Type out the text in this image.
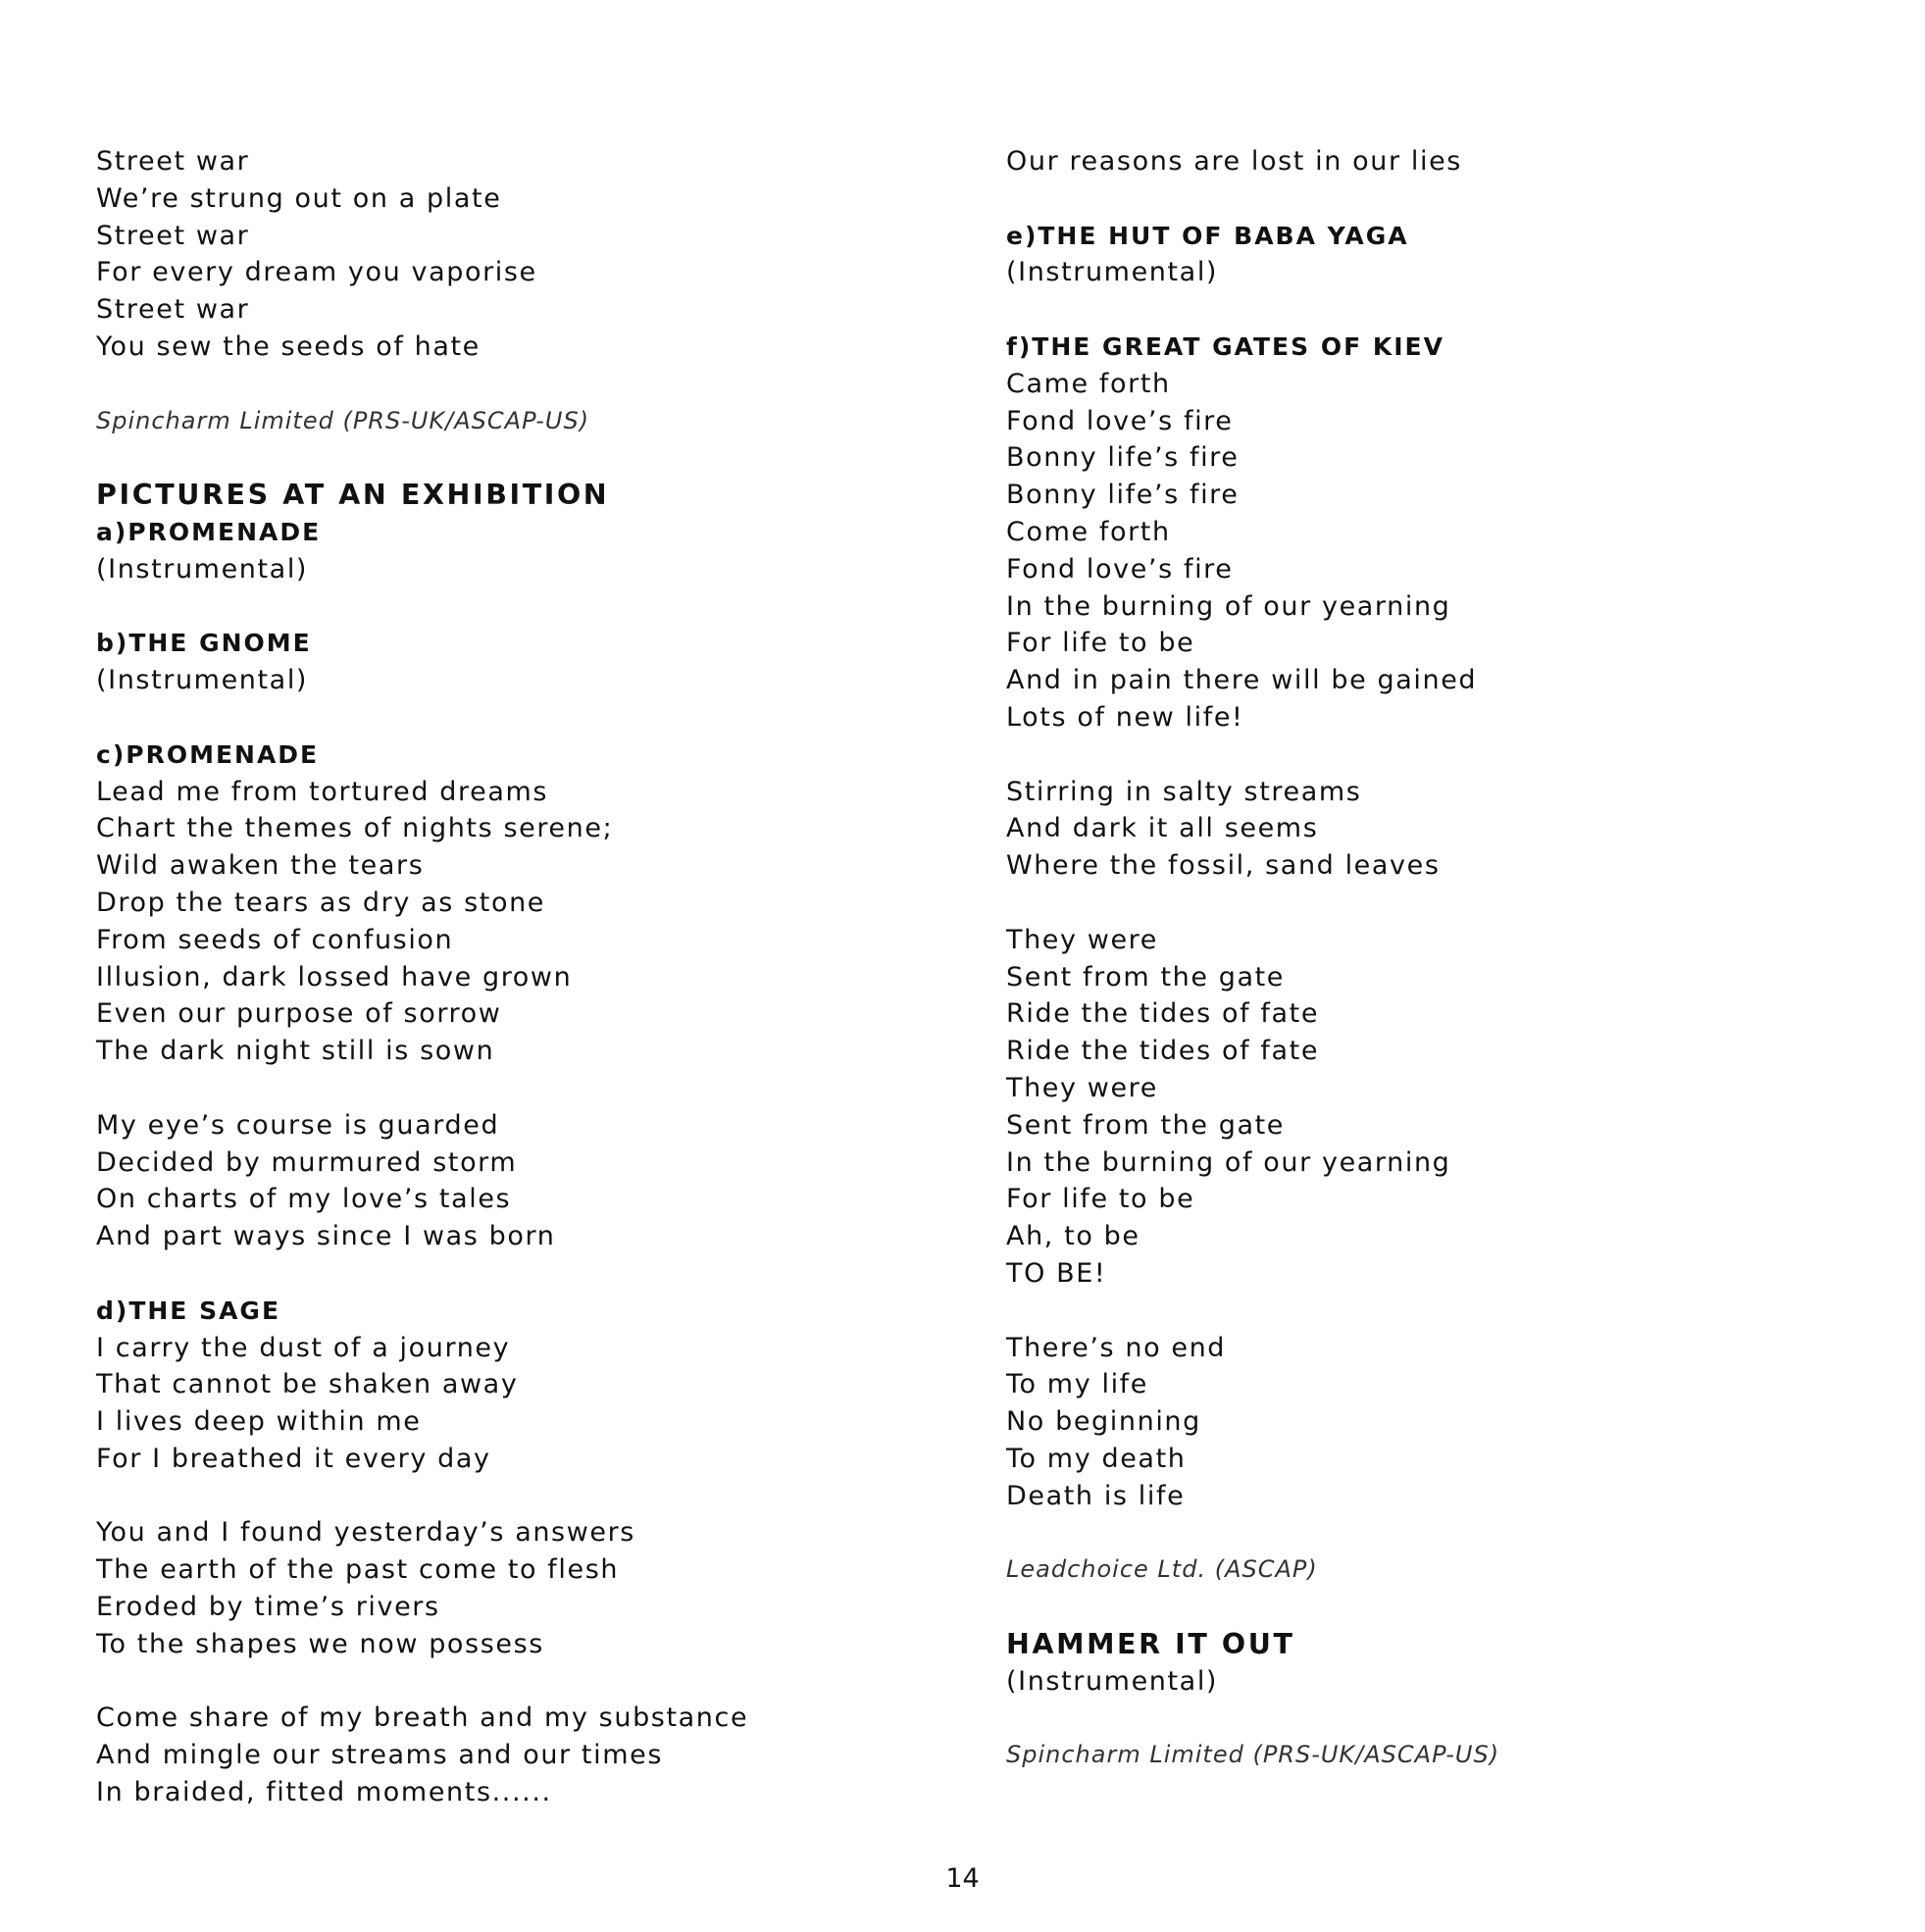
Street war
We’re strung out on a plate
Street war
For every dream you vaporise
Street war
You sew the seeds of hate
Spincharm Limited (PRS-UK/ASCAP-US)
PICTURES AT AN EXHIBITION
a)PROMENADE
(Instrumental)
b)THE GNOME
(Instrumental)
c)PROMENADE
Lead me from tortured dreams
Chart the themes of nights serene;
Wild awaken the tears
Drop the tears as dry as stone
From seeds of confusion
Illusion, dark lossed have grown
Even our purpose of sorrow
The dark night still is sown
My eye’s course is guarded
Decided by murmured storm
On charts of my love’s tales
And part ways since I was born
d)THE SAGE
I carry the dust of a journey
That cannot be shaken away
I lives deep within me
For I breathed it every day
You and I found yesterday’s answers
The earth of the past come to flesh
Eroded by time’s rivers
To the shapes we now possess
Come share of my breath and my substance
And mingle our streams and our times
In braided, fitted moments......
Our reasons are lost in our lies
e)THE HUT OF BABA YAGA
(Instrumental)
f)THE GREAT GATES OF KIEV
Came forth
Fond love’s fire
Bonny life’s fire
Bonny life’s fire
Come forth
Fond love’s fire
In the burning of our yearning
For life to be
And in pain there will be gained
Lots of new life!
Stirring in salty streams
And dark it all seems
Where the fossil, sand leaves
They were
Sent from the gate
Ride the tides of fate
Ride the tides of fate
They were
Sent from the gate
In the burning of our yearning
For life to be
Ah, to be
TO BE!
There’s no end
To my life
No beginning
To my death
Death is life
Leadchoice Ltd. (ASCAP)
HAMMER IT OUT
(Instrumental)
Spincharm Limited (PRS-UK/ASCAP-US)
14
